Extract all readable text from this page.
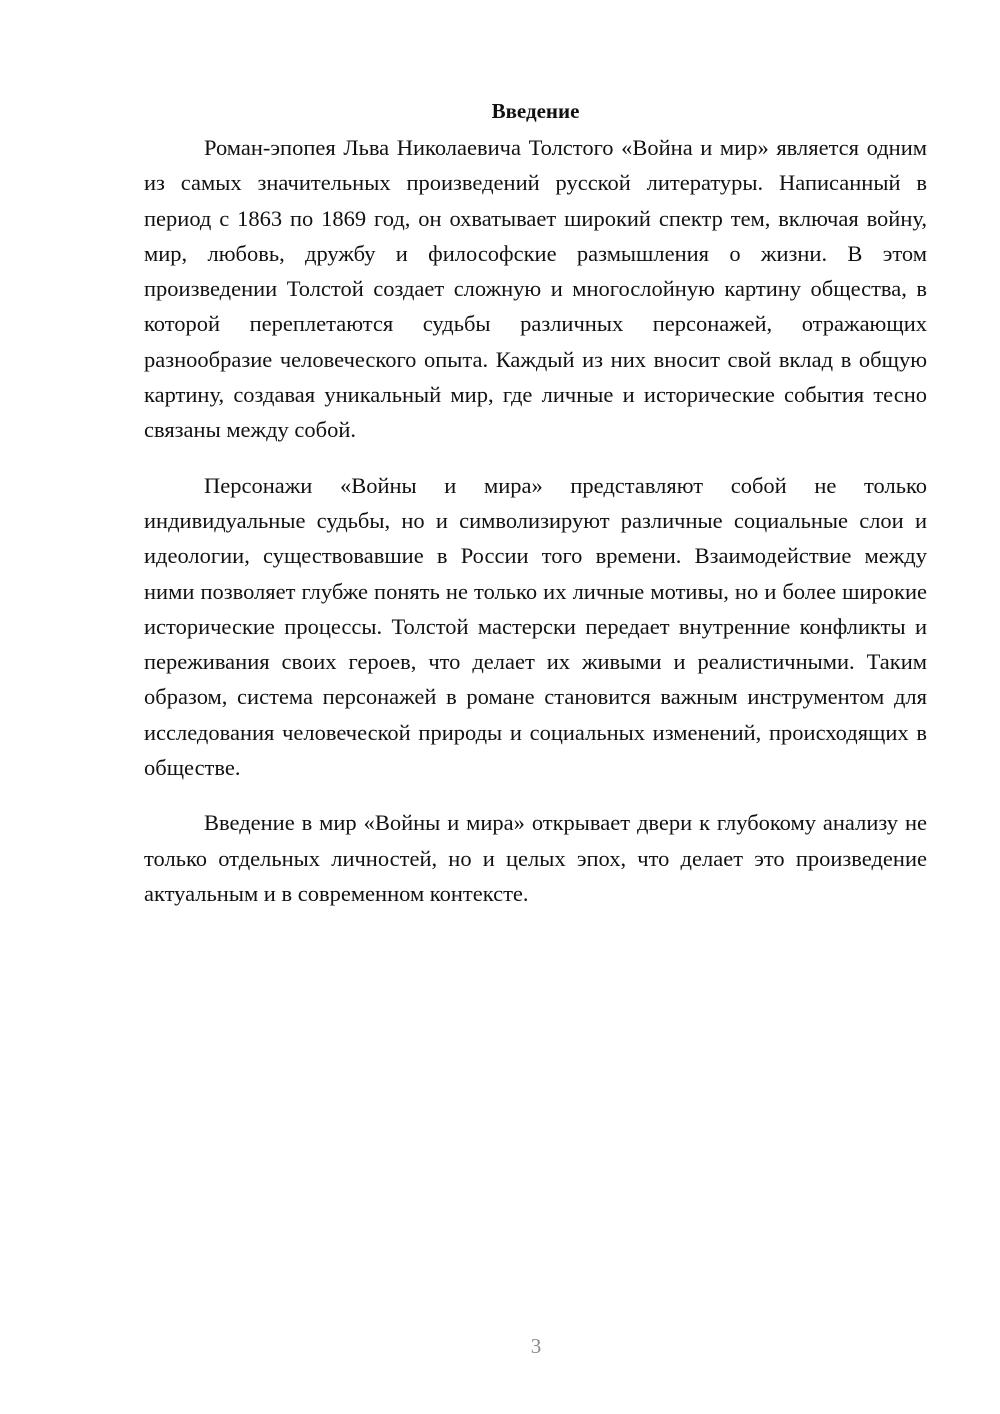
Введение

Роман-эпопея Льва Николаевича Толстого «Война и мир» является одним из самых значительных произведений русской литературы. Написанный в период с 1863 по 1869 год, он охватывает широкий спектр тем, включая войну, мир, любовь, дружбу и философские размышления о жизни. В этом произведении Толстой создает сложную и многослойную картину общества, в которой переплетаются судьбы различных персонажей, отражающих разнообразие человеческого опыта. Каждый из них вносит свой вклад в общую картину, создавая уникальный мир, где личные и исторические события тесно связаны между собой.

Персонажи «Войны и мира» представляют собой не только индивидуальные судьбы, но и символизируют различные социальные слои и идеологии, существовавшие в России того времени. Взаимодействие между ними позволяет глубже понять не только их личные мотивы, но и более широкие исторические процессы. Толстой мастерски передает внутренние конфликты и переживания своих героев, что делает их живыми и реалистичными. Таким образом, система персонажей в романе становится важным инструментом для исследования человеческой природы и социальных изменений, происходящих в обществе.

Введение в мир «Войны и мира» открывает двери к глубокому анализу не только отдельных личностей, но и целых эпох, что делает это произведение актуальным и в современном контексте.

3
